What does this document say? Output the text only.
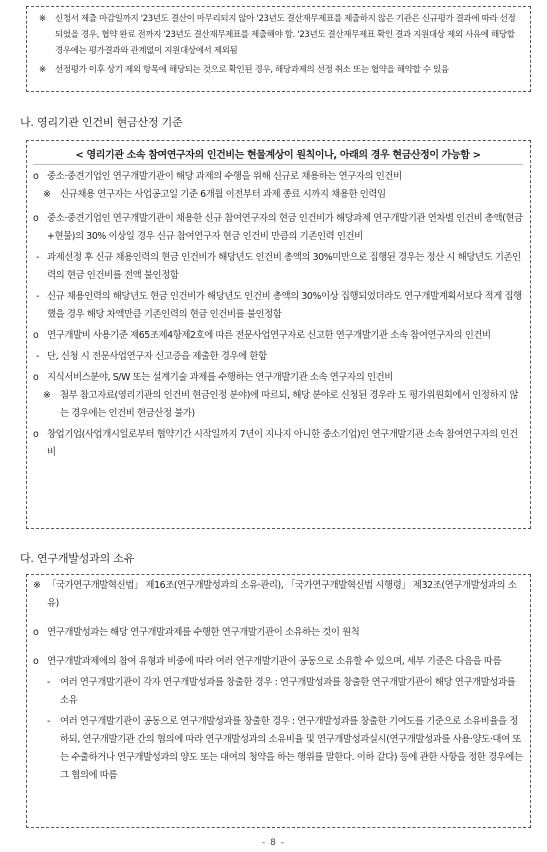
※	신청서 제출 마감일까지 '23년도 결산이 마무리되지 않아 '23년도 결산재무제표를 제출하지 않은 기관은 신규평가 결과에 따라 선정되었을 경우, 협약 완료 전까지 '23년도 결산재무제표를 제출해야 함. '23년도 결산재무제표 확인 결과 지원대상 제외 사유에 해당할 경우에는 평가결과와 관계없이 지원대상에서 제외됨
※	선정평가 이후 상기 제외 항목에 해당되는 것으로 확인된 경우, 해당과제의 선정 취소 또는 협약을 해약할 수 있음
나. 영리기관 인건비 현금산정 기준
< 영리기관 소속 참여연구자의 인건비는 현물계상이 원칙이나, 아래의 경우 현금산정이 가능함 >
o 중소·중견기업인 연구개발기관이 해당 과제의 수행을 위해 신규로 채용하는 연구자의 인건비
※	신규채용 연구자는 사업공고일 기준 6개월 이전부터 과제 종료 시까지 채용한 인력임
o 중소·중견기업인 연구개발기관이 채용한 신규 참여연구자의 현금 인건비가 해당과제 연구개발기관 연차별 인건비 총액(현금+현물)의 30% 이상일 경우 신규 참여연구자 현금 인건비 만큼의 기존인력 인건비
- 과제선정 후 신규 채용인력의 현금 인건비가 해당년도 인건비 총액의 30%미만으로 집행된 경우는 정산 시 해당년도 기존인력의 현금 인건비를 전액 불인정함
- 신규 채용인력의 해당년도 현금 인건비가 해당년도 인건비 총액의 30%이상 집행되었더라도 연구개발계획서보다 적게 집행했을 경우 해당 차액만큼 기존인력의 현금 인건비를 불인정함
o 연구개발비 사용기준 제65조제4항제2호에 따른 전문사업연구자로 신고한 연구개발기관 소속 참여연구자의 인건비
- 단, 신청 시 전문사업연구자 신고증을 제출한 경우에 한함
o 지식서비스분야, S/W 또는 설계기술 과제를 수행하는 연구개발기관 소속 연구자의 인건비
※	첨부 참고자료(영리기관의 인건비 현금인정 분야)에 따르되, 해당 분야로 신청된 경우라 도 평가위원회에서 인정하지 않는 경우에는 인건비 현금산정 불가)
o 창업기업(사업개시일로부터 협약기간 시작일까지 7년이 지나지 아니한 중소기업)인 연구개발기관 소속 참여연구자의 인건비
다. 연구개발성과의 소유
※ 「국가연구개발혁신법」 제16조(연구개발성과의 소유·관리), 「국가연구개발혁신법 시행령」 제32조(연구개발성과의 소유)
o 연구개발성과는 해당 연구개발과제를 수행한 연구개발기관이 소유하는 것이 원칙
o 연구개발과제에의 참여 유형과 비중에 따라 여러 연구개발기관이 공동으로 소유할 수 있으며, 세부 기준은 다음을 따름
-	여러 연구개발기관이 각자 연구개발성과를 창출한 경우 : 연구개발성과를 창출한 연구개발기관이 해당 연구개발성과를 소유
-	여러 연구개발기관이 공동으로 연구개발성과를 창출한 경우 : 연구개발성과를 창출한 기여도를 기준으로 소유비율을 정하되, 연구개발기관 간의 협의에 따라 연구개발성과의 소유비율 및 연구개발성과실시(연구개발성과를 사용·양도·대여 또는 수출하거나 연구개발성과의 양도 또는 대여의 청약을 하는 행위를 말한다. 이하 같다) 등에 관한 사항을 정한 경우에는 그 협의에 따름
- 8 -
